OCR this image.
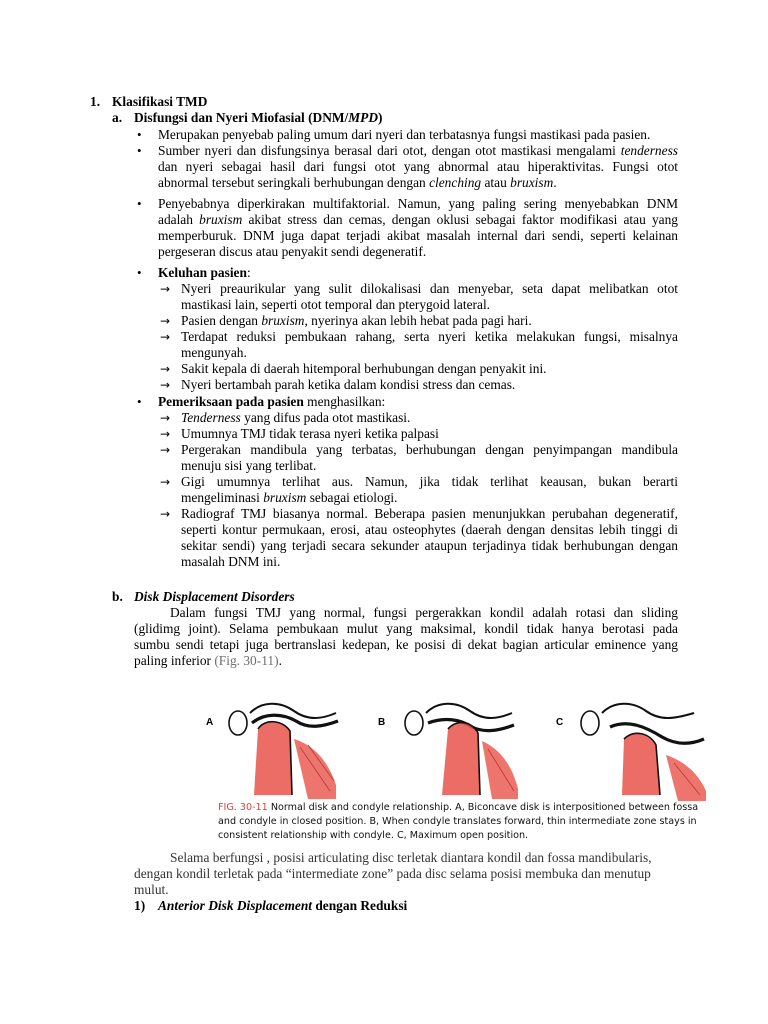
1. Klasifikasi TMD
a. Disfungsi dan Nyeri Miofasial (DNM/MPD)
• Merupakan penyebab paling umum dari nyeri dan terbatasnya fungsi mastikasi pada pasien.
• Sumber nyeri dan disfungsinya berasal dari otot, dengan otot mastikasi mengalami tenderness
dan nyeri sebagai hasil dari fungsi otot yang abnormal atau hiperaktivitas. Fungsi otot
abnormal tersebut seringkali berhubungan dengan clenching atau bruxism.
• Penyebabnya diperkirakan multifaktorial. Namun, yang paling sering menyebabkan DNM
adalah bruxism akibat stress dan cemas, dengan oklusi sebagai faktor modifikasi atau yang
memperburuk. DNM juga dapat terjadi akibat masalah internal dari sendi, seperti kelainan
pergeseran discus atau penyakit sendi degeneratif.
• Keluhan pasien:
→ Nyeri preaurikular yang sulit dilokalisasi dan menyebar, seta dapat melibatkan otot
mastikasi lain, seperti otot temporal dan pterygoid lateral.
→ Pasien dengan bruxism, nyerinya akan lebih hebat pada pagi hari.
→ Terdapat reduksi pembukaan rahang, serta nyeri ketika melakukan fungsi, misalnya
mengunyah.
→ Sakit kepala di daerah hitemporal berhubungan dengan penyakit ini.
→ Nyeri bertambah parah ketika dalam kondisi stress dan cemas.
• Pemeriksaan pada pasien menghasilkan:
→ Tenderness yang difus pada otot mastikasi.
→ Umumnya TMJ tidak terasa nyeri ketika palpasi
→ Pergerakan mandibula yang terbatas, berhubungan dengan penyimpangan mandibula
menuju sisi yang terlibat.
→ Gigi umumnya terlihat aus. Namun, jika tidak terlihat keausan, bukan berarti
mengeliminasi bruxism sebagai etiologi.
→ Radiograf TMJ biasanya normal. Beberapa pasien menunjukkan perubahan degeneratif,
seperti kontur permukaan, erosi, atau osteophytes (daerah dengan densitas lebih tinggi di
sekitar sendi) yang terjadi secara sekunder ataupun terjadinya tidak berhubungan dengan
masalah DNM ini.
b. Disk Displacement Disorders
Dalam fungsi TMJ yang normal, fungsi pergerakkan kondil adalah rotasi dan sliding
(glidimg joint). Selama pembukaan mulut yang maksimal, kondil tidak hanya berotasi pada
sumbu sendi tetapi juga bertranslasi kedepan, ke posisi di dekat bagian articular eminence yang
paling inferior (Fig. 30-11).
A	B	C
FIG. 30-11 Normal disk and condyle relationship. A, Biconcave disk is interpositioned between fossa
and condyle in closed position. B, When condyle translates forward, thin intermediate zone stays in
consistent relationship with condyle. C, Maximum open position.
Selama berfungsi , posisi articulating disc terletak diantara kondil dan fossa mandibularis,
dengan kondil terletak pada “intermediate zone” pada disc selama posisi membuka dan menutup
mulut.
1) Anterior Disk Displacement dengan Reduksi
